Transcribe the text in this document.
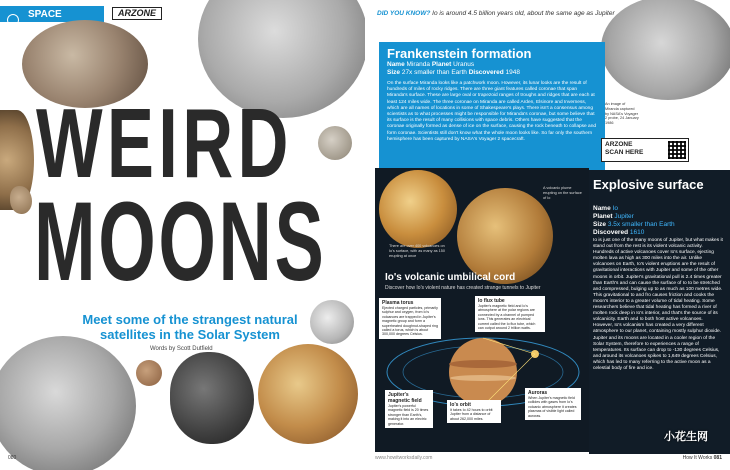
SPACE	ARZONE
WEIRD
MOONS
Meet some of the strangest natural satellites in the Solar System
Words by Scott Dutfield
080
DID YOU KNOW? Io is around 4.5 billion years old, about the same age as Jupiter
Frankenstein formation
Name Miranda Planet Uranus
Size 27x smaller than Earth Discovered 1948
On the surface Miranda looks like a patchwork moon. However, its lunar looks are the result of hundreds of miles of rocky ridges. There are three giant features called coronae that span Miranda's surface. These are large oval or trapezoid ranges of troughs and ridges that are each at least 124 miles wide. The three coronae on Miranda are called Arden, Elsinore and Inverness, which are all names of locations in some of Shakespeare's plays. There isn't a consensus among scientists as to what processes might be responsible for Miranda's coronae, but some believe that its surface is the result of many collisions with space debris. Others have suggested that the coronae originally formed as dense of ice on the surface, causing the rock beneath to collapse and form coronae. Scientists still don't know what the whole moon looks like. So far only the southern hemisphere has been captured by NASA's Voyager 2 spacecraft.
An image of Miranda captured by NASA's Voyager 2 probe, 24 January 1986
ARZONE
SCAN HERE
There are over 400 volcanoes on Io's surface, with as many as 150 erupting at once
A volcanic plume erupting on the surface of Io
Io's volcanic umbilical cord
Discover how Io's violent nature has created strange tunnels to Jupiter
Plasma torus
Ejected charged particles, primarily sulphur and oxygen, from Io's volcanoes are trapped in Jupiter's magnetic group and form a superheated doughnut-shaped ring called a torus, which is about 300,000 degrees Celsius.
Io flux tube
Jupiter's magnetic field and Io's atmosphere at the polar regions are connected by a channel of pumped ions. This generates an electrical current called the Io flux tube, which can output around 2 trillion watts.
Jupiter's magnetic field
Jupiter's powerful magnetic field is 20 times stronger than Earth's, making it into an electric generator.
Io's orbit
It takes Io 42 hours to orbit Jupiter from a distance of about 262,000 miles.
Auroras
When Jupiter's magnetic field collides with gases from Io's volcanic atmosphere it creates plasmas of visible light called auroras.
Explosive surface
Name Io
Planet Jupiter
Size 3.5x smaller than Earth
Discovered 1610
Io is just one of the many moons of Jupiter, but what makes it stand out from the rest is its violent volcanic activity. Hundreds of active volcanoes cover Io's surface, ejecting molten lava as high as 300 miles into the air. Unlike volcanoes on Earth, Io's violent eruptions are the result of gravitational interactions with Jupiter and some of the other moons in orbit. Jupiter's gravitational pull is 2.4 times greater than Earth's and can cause the surface of Io to be stretched and compressed, bulging up to as much as 100 metres wide. This gravitational to and fro causes friction and cooks the moon's interior to a greater volume of tidal heating. Some researchers believe that tidal heating has formed a river of molten rock deep in Io's interior, and that's the source of its volcanicity. Earth and Io both host active volcanoes. However, Io's volcanism has created a very different atmosphere to our planet, containing mostly sulphur dioxide. Jupiter and its moons are located in a cooler region of the Solar System, therefore Io experiences a range of temperatures. Its surface can drop to -130 degrees Celsius, and around its volcanoes spikes to 1,649 degrees Celsius, which has led to many referring to the active moon as a celestial body of fire and ice.
小花生网
www.howitworksdaily.com	How It Works 081
